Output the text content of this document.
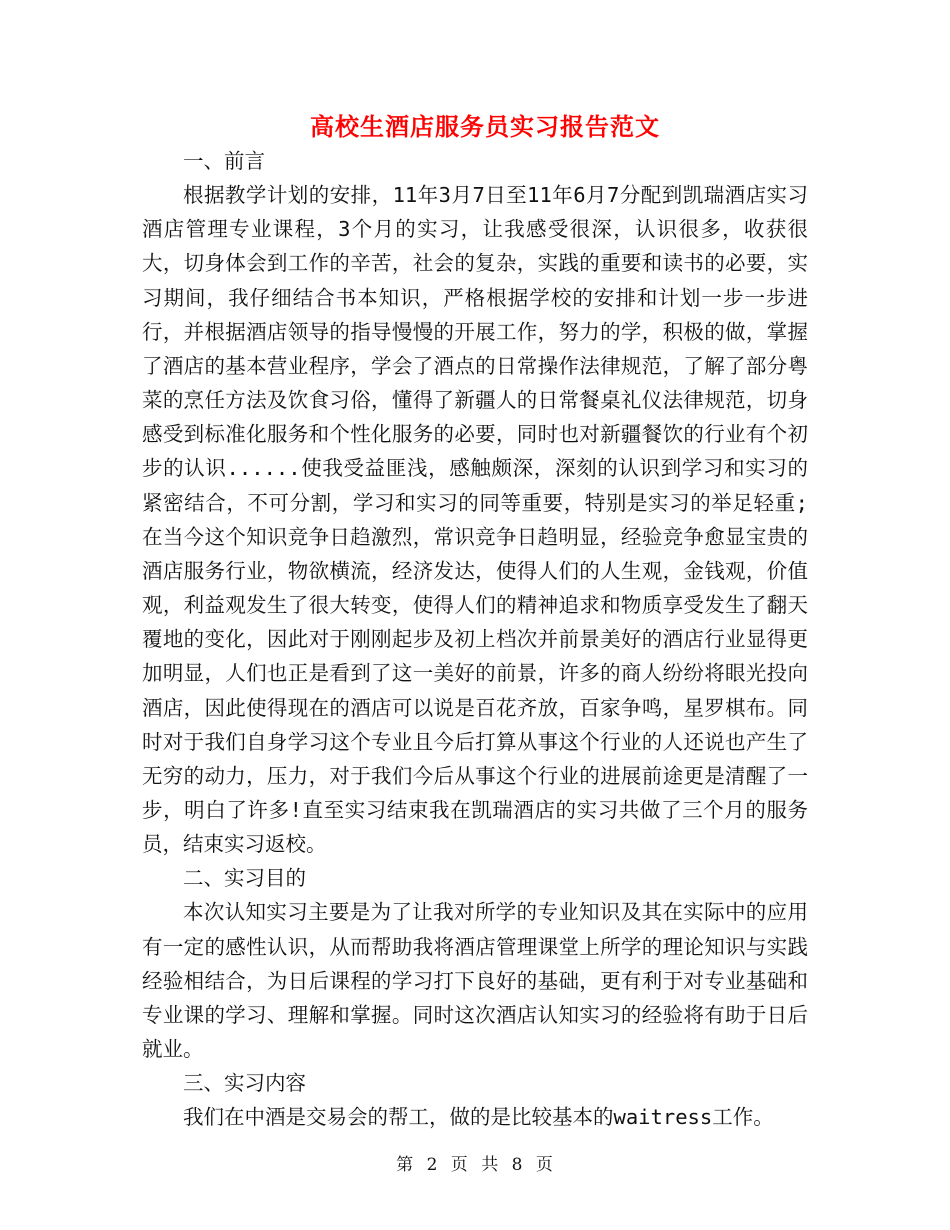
高校生酒店服务员实习报告范文

一、前言

根据教学计划的安排，11年3月7日至11年6月7分配到凯瑞酒店实习酒店管理专业课程，3个月的实习，让我感受很深，认识很多，收获很大，切身体会到工作的辛苦，社会的复杂，实践的重要和读书的必要，实习期间，我仔细结合书本知识，严格根据学校的安排和计划一步一步进行，并根据酒店领导的指导慢慢的开展工作，努力的学，积极的做，掌握了酒店的基本营业程序，学会了酒点的日常操作法律规范，了解了部分粤菜的烹任方法及饮食习俗，懂得了新疆人的日常餐桌礼仪法律规范，切身感受到标准化服务和个性化服务的必要，同时也对新疆餐饮的行业有个初步的认识......使我受益匪浅，感触颇深，深刻的认识到学习和实习的紧密结合，不可分割，学习和实习的同等重要，特别是实习的举足轻重;在当今这个知识竞争日趋激烈，常识竞争日趋明显，经验竞争愈显宝贵的酒店服务行业，物欲横流，经济发达，使得人们的人生观，金钱观，价值观，利益观发生了很大转变，使得人们的精神追求和物质享受发生了翻天覆地的变化，因此对于刚刚起步及初上档次并前景美好的酒店行业显得更加明显，人们也正是看到了这一美好的前景，许多的商人纷纷将眼光投向酒店，因此使得现在的酒店可以说是百花齐放，百家争鸣，星罗棋布。同时对于我们自身学习这个专业且今后打算从事这个行业的人还说也产生了无穷的动力，压力，对于我们今后从事这个行业的进展前途更是清醒了一步，明白了许多!直至实习结束我在凯瑞酒店的实习共做了三个月的服务员，结束实习返校。

二、实习目的

本次认知实习主要是为了让我对所学的专业知识及其在实际中的应用有一定的感性认识，从而帮助我将酒店管理课堂上所学的理论知识与实践经验相结合，为日后课程的学习打下良好的基础，更有利于对专业基础和专业课的学习、理解和掌握。同时这次酒店认知实习的经验将有助于日后就业。

三、实习内容

我们在中酒是交易会的帮工，做的是比较基本的waitress工作。

第 2 页 共 8 页
